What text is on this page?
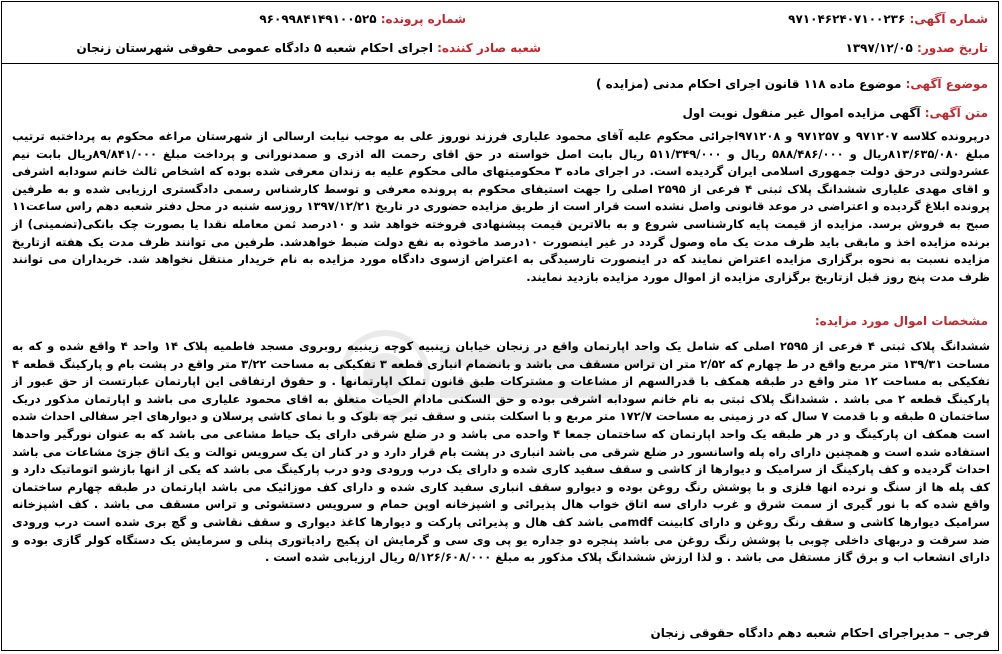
شماره آگهی: ۹۷۱۰۴۶۲۴۰۷۱۰۰۲۳۶
شماره پرونده: ۹۶۰۹۹۸۴۱۴۹۱۰۰۵۲۵
تاریخ صدور: ۱۳۹۷/۱۲/۰۵
شعبه صادر کننده: اجرای احکام شعبه ۵ دادگاه عمومی حقوقی شهرستان زنجان
موضوع آگهی: موضوع ماده ۱۱۸ قانون اجرای احکام مدنی (مزایده )
متن آگهی: آگهی مزایده اموال غیر منقول نوبت اول
درپرونده کلاسه ۹۷۱۲۰۷ و ۹۷۱۲۵۷ و ۹۷۱۲۰۸اجرائی محکوم علیه آقای محمود علیاری فرزند نوروز علی به موجب نیابت ارسالی از شهرستان مراغه محکوم به پرداختبه ترتیب مبلغ ۸۱۳/۶۳۵/۰۸۰ریال و ۵۸۸/۴۸۶/۰۰۰ ریال و ۵۱۱/۳۴۹/۰۰۰ ریال بابت اصل خواسته در حق اقای رحمت اله اذری و صمدنورانی و پرداخت مبلغ ۸۹/۸۴۱/۰۰۰ریال بابت نیم عشردولتی درحق دولت جمهوری اسلامی ایران گردیده است. در اجرای ماده ۳ محکومیتهای مالی محکوم علیه به زندان معرفی شده بوده که اشخاص ثالث خانم سودابه اشرفی و اقای مهدی علیاری ششدانگ پلاک ثبتی ۴ فرعی از ۲۵۹۵ اصلی را جهت استیفای محکوم به پرونده معرفی و توسط کارشناس رسمی دادگستری ارزیابی شده و به طرفین پرونده ابلاغ گردیده و اعتراضی در موعد قانونی واصل نشده است قرار است از طریق مزایده حضوری در تاریخ ۱۳۹۷/۱۲/۲۱ روزسه شنبه در محل دفتر شعبه دهم راس ساعت۱۱ صبح به فروش برسد. مزایده از قیمت پایه کارشناسی شروع و به بالاترین قیمت پیشنهادی فروخته خواهد شد و ۱۰درصد ثمن معامله نقدا یا بصورت چک بانکی(تضمینی) از برنده مزایده اخذ و مابقی باید ظرف مدت یک ماه وصول گردد در غیر اینصورت ۱۰درصد ماخوذه به نفع دولت ضبط خواهدشد. طرفین می توانند ظرف مدت یک هفته ازتاریخ مزایده نسبت به نحوه برگزاری مزایده اعتراض نمایند که در اینصورت تارسیدگی به اعتراض ازسوی دادگاه مورد مزایده به نام خریدار منتقل نخواهد شد. خریداران می توانند ظرف مدت پنج روز قبل ازتاریخ برگزاری مزایده از اموال مورد مزایده بازدید نمایند.
مشخصات اموال مورد مزایده:
ششدانگ پلاک ثبتی ۴ فرعی از ۲۵۹۵ اصلی که شامل یک واحد اپارتمان واقع در زنجان خیابان زینبیه کوچه زینبیه روبروی مسجد فاطمیه پلاک ۱۴ واحد ۴ واقع شده و که به مساحت ۱۳۹/۳۱ متر مربع واقع در ط چهارم که ۲/۵۲ متر ان تراس مسقف می باشد و بانضمام انباری قطعه ۳ تفکیکی به مساحت ۳/۲۲ متر واقع در پشت بام و پارکینگ قطعه ۴ تفکیکی به مساحت ۱۲ متر واقع در طبقه همکف با قدرالسهم از مشاعات و مشترکات طبق قانون تملک اپارتمانها . و حقوق ارتفاقی این اپارتمان عبارتست از حق عبور از پارکینگ قطعه ۲ می باشد . ششدانگ پلاک ثبتی به نام خانم سودابه اشرفی بوده و حق السکنی مادام الحیات متعلق به اقای محمود علیاری می باشد و اپارتمان مذکور دریک ساختمان ۵ طبقه و با قدمت ۷ سال که در زمینی به مساحت ۱۷۲/۷ متر مربع و با اسکلت بتنی و سقف تیر چه بلوک و با نمای کاشی پرسلان و دیوارهای اجر سفالی احداث شده است همکف ان پارکینگ و در هر طبقه یک واحد اپارتمان که ساختمان جمعا ۴ واحده می باشد و در ضلع شرقی دارای یک حیاط مشاعی می باشد که به عنوان نورگیر واحدها استفاده شده است و همچنین دارای راه پله واسانسور در ضلع شرقی می باشد انباری در پشت بام قرار دارد و در کنار ان یک سرویس توالت و یک اتاق جزئ مشاعات می باشد احداث گردیده و کف پارکینگ از سرامیک و دیوارها از کاشی و سقف سفید کاری شده و دارای یک درب ورودی ودو درب پارکینگ می باشد که یکی از انها بازشو اتوماتیک دارد و کف پله ها از سنگ و نرده انها فلزی و با پوشش رنگ روغن بوده و دیوارو سقف انباری سفید کاری شده و دارای کف موزائیک می باشد اپارتمان در طبقه چهارم ساختمان واقع شده که با نور گیری از سمت شرق و غرب دارای سه اتاق خواب هال پذیرائی و اشپزخانه اوپن حمام و سرویس دستشوئی و تراس مسقف می باشد . کف اشپزخانه سرامیک دیوارها کاشی و سقف رنگ روغن و دارای کابینت mdfمی باشد کف هال و پذیرائی پارکت و دیوارها کاغذ دیواری و سقف نقاشی و گچ بری شده است درب ورودی ضد سرقت و دربهای داخلی چوبی با پوشش رنگ روغن می باشد پنجره دو جداره یو پی وی سی و گرمایش ان پکیج رادیاتوری پنلی و سرمایش یک دستگاه کولر گازی بوده و دارای انشعاب اب و برق گاز مستقل می باشد . و لذا ارزش ششدانگ پلاک مذکور به مبلغ ۵/۱۲۶/۶۰۸/۰۰۰ ریال ارزیابی شده است .
فرجی – مدیراجرای احکام شعبه دهم دادگاه حقوقی زنجان
